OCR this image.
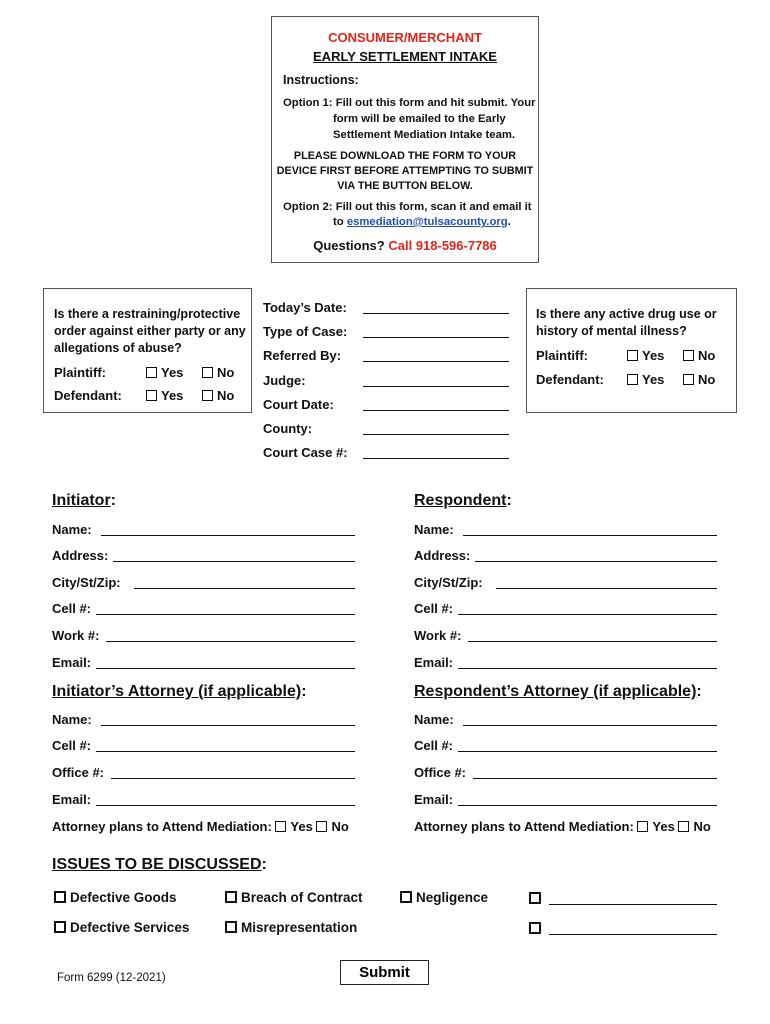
CONSUMER/MERCHANT
EARLY SETTLEMENT INTAKE
Instructions:
Option 1: Fill out this form and hit submit. Your
form will be emailed to the Early
Settlement Mediation Intake team.
PLEASE DOWNLOAD THE FORM TO YOUR
DEVICE FIRST BEFORE ATTEMPTING TO SUBMIT
VIA THE BUTTON BELOW.
Option 2: Fill out this form, scan it and email it
to esmediation@tulsacounty.org.
Questions? Call 918-596-7786
Is there a restraining/protective
order against either party or any
allegations of abuse?
Plaintiff:	Yes	No
Defendant:	Yes	No
Today’s Date:
Type of Case:
Referred By:
Judge:
Court Date:
County:
Court Case #:
Is there any active drug use or
history of mental illness?
Plaintiff:	Yes	No
Defendant:	Yes	No
Initiator:
Name:
Address:
City/St/Zip:
Cell #:
Work #:
Email:
Respondent:
Name:
Address:
City/St/Zip:
Cell #:
Work #:
Email:
Initiator’s Attorney (if applicable):
Name:
Cell #:
Office #:
Email:
Attorney plans to Attend Mediation: Yes No
Respondent’s Attorney (if applicable):
Name:
Cell #:
Office #:
Email:
Attorney plans to Attend Mediation: Yes No
ISSUES TO BE DISCUSSED:
Defective Goods	Breach of Contract	Negligence
Defective Services	Misrepresentation
Form 6299 (12-2021)	Submit
